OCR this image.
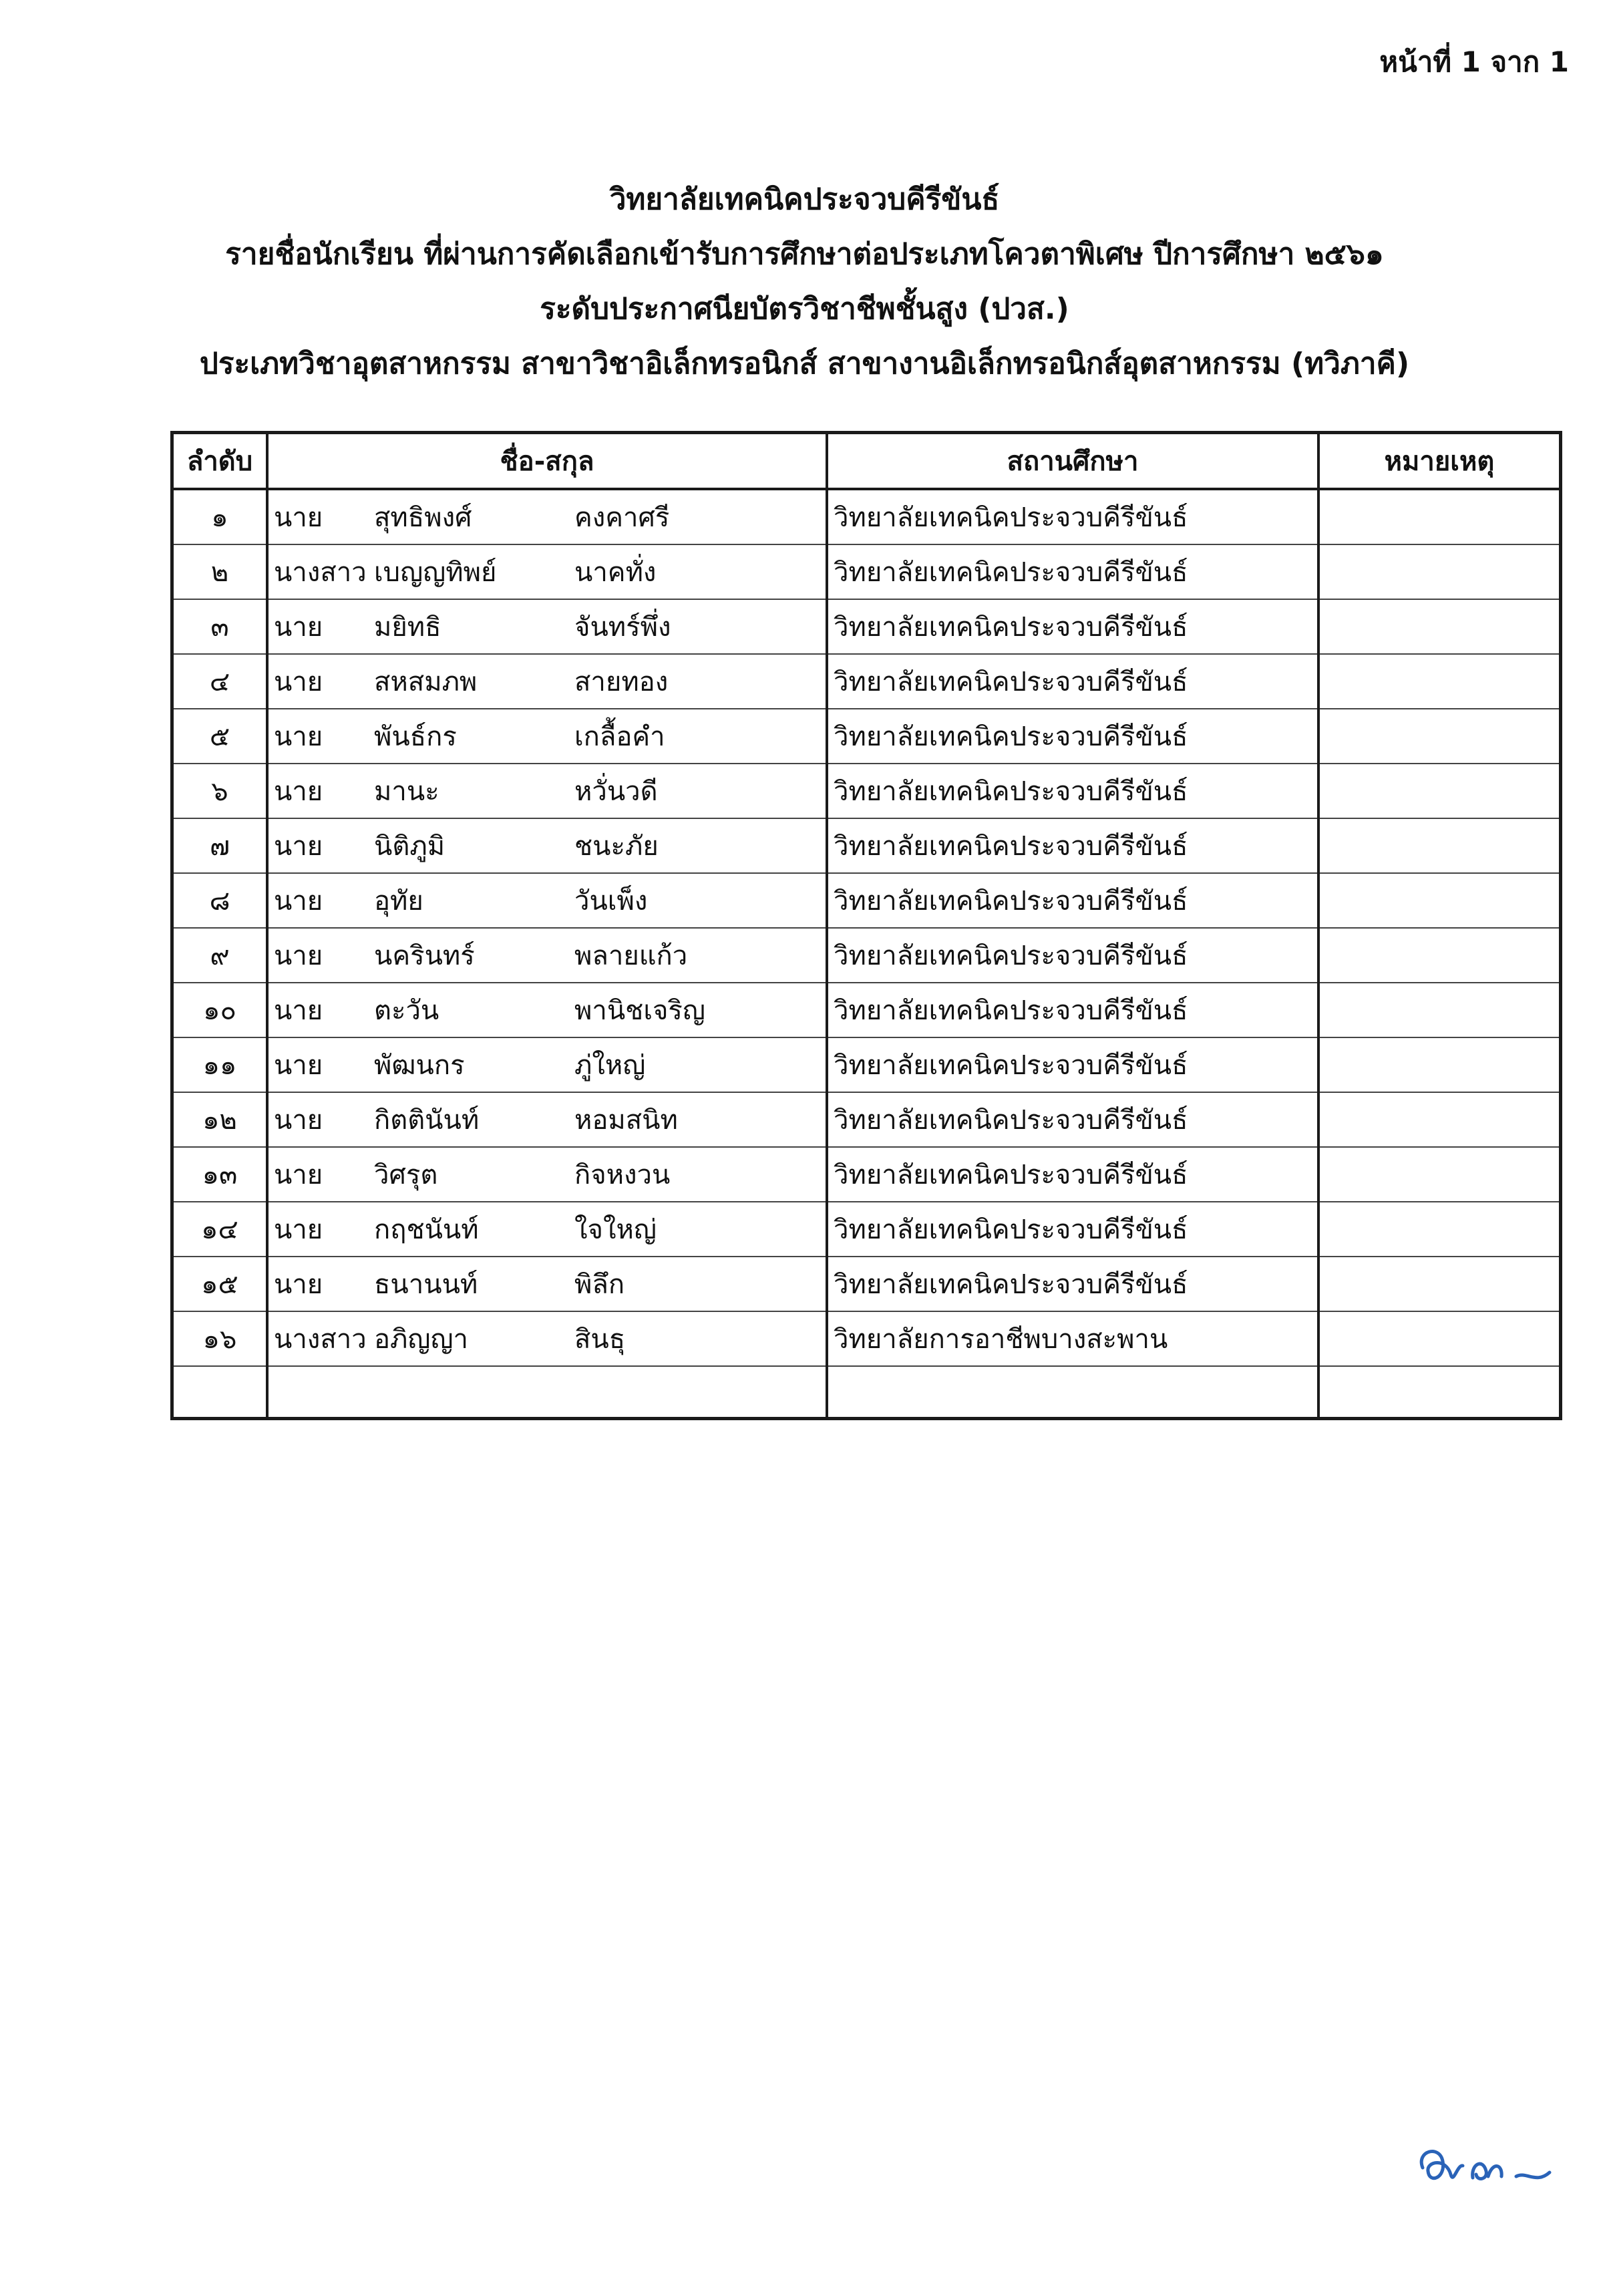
หน้าที่ 1 จาก 1
วิทยาลัยเทคนิคประจวบคีรีขันธ์
รายชื่อนักเรียน ที่ผ่านการคัดเลือกเข้ารับการศึกษาต่อประเภทโควตาพิเศษ ปีการศึกษา ๒๕๖๑
ระดับประกาศนียบัตรวิชาชีพชั้นสูง (ปวส.)
ประเภทวิชาอุตสาหกรรม สาขาวิชาอิเล็กทรอนิกส์ สาขางานอิเล็กทรอนิกส์อุตสาหกรรม (ทวิภาคี)
ลำดับ	ชื่อ-สกุล	สถานศึกษา	หมายเหตุ
๑	นาย สุทธิพงศ์ คงคาศรี	วิทยาลัยเทคนิคประจวบคีรีขันธ์	
๒	นางสาว เบญญทิพย์ นาคทั่ง	วิทยาลัยเทคนิคประจวบคีรีขันธ์	
๓	นาย มยิทธิ จันทร์พึ่ง	วิทยาลัยเทคนิคประจวบคีรีขันธ์	
๔	นาย สหสมภพ สายทอง	วิทยาลัยเทคนิคประจวบคีรีขันธ์	
๕	นาย พันธ์กร เกลื้อคำ	วิทยาลัยเทคนิคประจวบคีรีขันธ์	
๖	นาย มานะ หวั่นวดี	วิทยาลัยเทคนิคประจวบคีรีขันธ์	
๗	นาย นิติภูมิ ชนะภัย	วิทยาลัยเทคนิคประจวบคีรีขันธ์	
๘	นาย อุทัย วันเพ็ง	วิทยาลัยเทคนิคประจวบคีรีขันธ์	
๙	นาย นครินทร์ พลายแก้ว	วิทยาลัยเทคนิคประจวบคีรีขันธ์	
๑๐	นาย ตะวัน พานิชเจริญ	วิทยาลัยเทคนิคประจวบคีรีขันธ์	
๑๑	นาย พัฒนกร ภู่ใหญ่	วิทยาลัยเทคนิคประจวบคีรีขันธ์	
๑๒	นาย กิตตินันท์ หอมสนิท	วิทยาลัยเทคนิคประจวบคีรีขันธ์	
๑๓	นาย วิศรุต กิจหงวน	วิทยาลัยเทคนิคประจวบคีรีขันธ์	
๑๔	นาย กฤชนันท์ ใจใหญ่	วิทยาลัยเทคนิคประจวบคีรีขันธ์	
๑๕	นาย ธนานนท์ พิลึก	วิทยาลัยเทคนิคประจวบคีรีขันธ์	
๑๖	นางสาว อภิญญา สินธุ	วิทยาลัยการอาชีพบางสะพาน	
